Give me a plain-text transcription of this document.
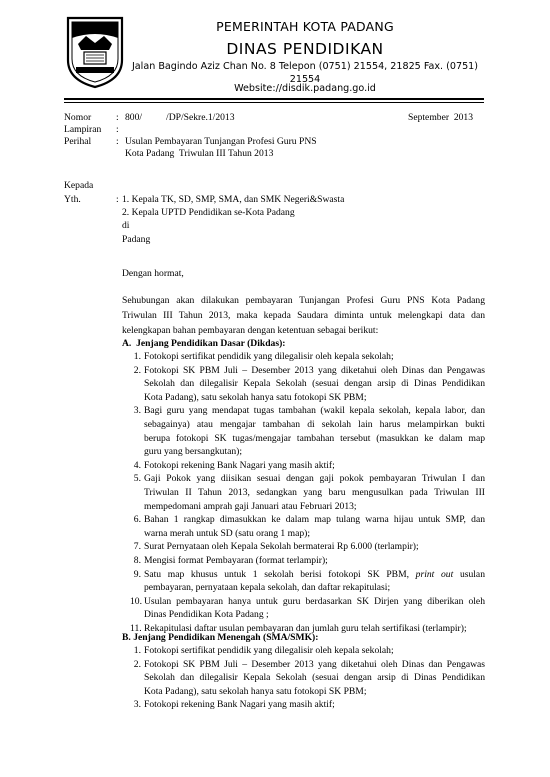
PEMERINTAH KOTA PADANG
DINAS PENDIDIKAN
Jalan Bagindo Aziz Chan No. 8 Telepon (0751) 21554, 21825 Fax. (0751)
21554
Website://disdik.padang.go.id
Nomor	: 800/          /DP/Sekre.1/2013	September  2013
Lampiran :
Perihal	: Usulan Pembayaran Tunjangan Profesi Guru PNS
Kota Padang  Triwulan III Tahun 2013
Kepada
Yth.	: 1. Kepala TK, SD, SMP, SMA, dan SMK Negeri&Swasta
2. Kepala UPTD Pendidikan se-Kota Padang
di
Padang
Dengan hormat,
Sehubungan akan dilakukan pembayaran Tunjangan Profesi Guru PNS Kota Padang
Triwulan III Tahun 2013, maka kepada Saudara diminta untuk melengkapi data dan
kelengkapan bahan pembayaran dengan ketentuan sebagai berikut:
A.  Jenjang Pendidikan Dasar (Dikdas):
1. Fotokopi sertifikat pendidik yang dilegalisir oleh kepala sekolah;
2. Fotokopi SK PBM Juli – Desember 2013 yang diketahui oleh Dinas dan Pengawas
Sekolah dan dilegalisir Kepala Sekolah (sesuai dengan arsip di Dinas Pendidikan
Kota Padang), satu sekolah hanya satu fotokopi SK PBM;
3. Bagi guru yang mendapat tugas tambahan (wakil kepala sekolah, kepala labor, dan
sebagainya) atau mengajar tambahan di sekolah lain harus melampirkan bukti
berupa fotokopi SK tugas/mengajar tambahan tersebut (masukkan ke dalam map
guru yang bersangkutan);
4. Fotokopi rekening Bank Nagari yang masih aktif;
5. Gaji Pokok yang diisikan sesuai dengan gaji pokok pembayaran Triwulan I dan
Triwulan II Tahun 2013, sedangkan yang baru mengusulkan pada Triwulan III
mempedomani amprah gaji Januari atau Februari 2013;
6. Bahan 1 rangkap dimasukkan ke dalam map tulang warna hijau untuk SMP, dan
warna merah untuk SD (satu orang 1 map);
7. Surat Pernyataan oleh Kepala Sekolah bermaterai Rp 6.000 (terlampir);
8. Mengisi format Pembayaran (format terlampir);
9. Satu map khusus untuk 1 sekolah berisi fotokopi SK PBM, print out usulan
pembayaran, pernyataan kepala sekolah, dan daftar rekapitulasi;
10. Usulan pembayaran hanya untuk guru berdasarkan SK Dirjen yang diberikan oleh
Dinas Pendidikan Kota Padang ;
11. Rekapitulasi daftar usulan pembayaran dan jumlah guru telah sertifikasi (terlampir);
B. Jenjang Pendidikan Menengah (SMA/SMK):
1. Fotokopi sertifikat pendidik yang dilegalisir oleh kepala sekolah;
2. Fotokopi SK PBM Juli – Desember 2013 yang diketahui oleh Dinas dan Pengawas
Sekolah dan dilegalisir Kepala Sekolah (sesuai dengan arsip di Dinas Pendidikan
Kota Padang), satu sekolah hanya satu fotokopi SK PBM;
3. Fotokopi rekening Bank Nagari yang masih aktif;
